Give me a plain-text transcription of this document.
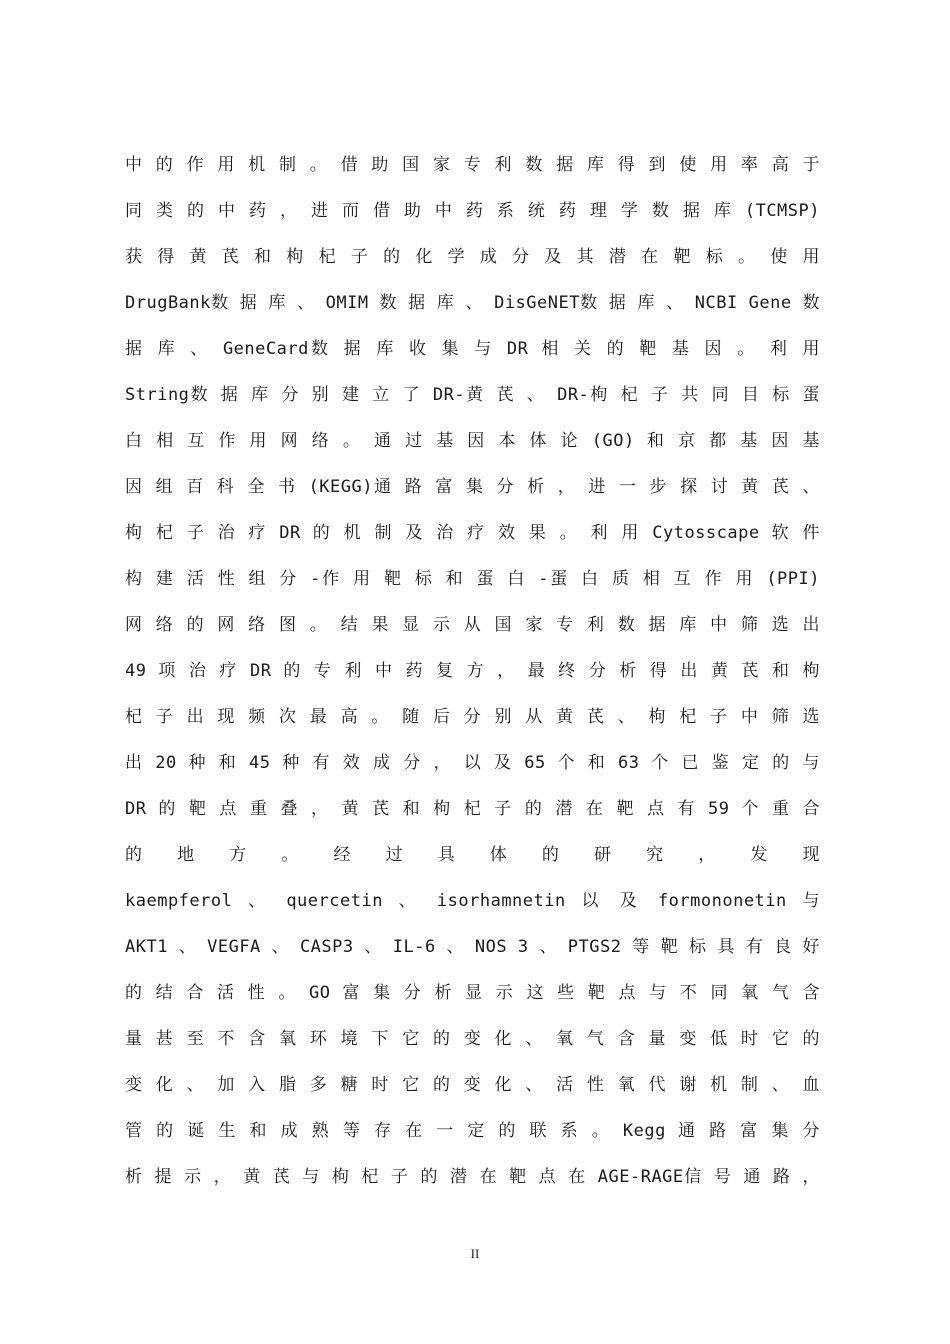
中 的 作 用 机 制 。 借 助 国 家 专 利 数 据 库 得 到 使 用 率 高 于
同 类 的 中 药 ， 进 而 借 助 中 药 系 统 药 理 学 数 据 库 (TCMSP)
获 得 黄 芪 和 枸 杞 子 的 化 学 成 分 及 其 潜 在 靶 标 。 使 用
DrugBank数 据 库 、 OMIM 数 据 库 、 DisGeNET数 据 库 、 NCBI Gene 数
据 库 、 GeneCard数 据 库 收 集 与 DR 相 关 的 靶 基 因 。 利 用
String数 据 库 分 别 建 立 了 DR-黄 芪 、 DR-枸 杞 子 共 同 目 标 蛋
白 相 互 作 用 网 络 。 通 过 基 因 本 体 论 (GO) 和 京 都 基 因 基
因 组 百 科 全 书 (KEGG)通 路 富 集 分 析 ， 进 一 步 探 讨 黄 芪 、
枸 杞 子 治 疗 DR 的 机 制 及 治 疗 效 果 。 利 用 Cytosscape 软 件
构 建 活 性 组 分 -作 用 靶 标 和 蛋 白 -蛋 白 质 相 互 作 用 (PPI)
网 络 的 网 络 图 。 结 果 显 示 从 国 家 专 利 数 据 库 中 筛 选 出
49 项 治 疗 DR 的 专 利 中 药 复 方 ， 最 终 分 析 得 出 黄 芪 和 枸
杞 子 出 现 频 次 最 高 。 随 后 分 别 从 黄 芪 、 枸 杞 子 中 筛 选
出 20 种 和 45 种 有 效 成 分 ， 以 及 65 个 和 63 个 已 鉴 定 的 与
DR 的 靶 点 重 叠 ， 黄 芪 和 枸 杞 子 的 潜 在 靶 点 有 59 个 重 合
的 地 方 。 经 过 具 体 的 研 究 ， 发 现
kaempferol 、 quercetin 、 isorhamnetin 以 及 formononetin 与
AKT1 、 VEGFA 、 CASP3 、 IL-6 、 NOS 3 、 PTGS2 等 靶 标 具 有 良 好
的 结 合 活 性 。 GO 富 集 分 析 显 示 这 些 靶 点 与 不 同 氧 气 含
量 甚 至 不 含 氧 环 境 下 它 的 变 化 、 氧 气 含 量 变 低 时 它 的
变 化 、 加 入 脂 多 糖 时 它 的 变 化 、 活 性 氧 代 谢 机 制 、 血
管 的 诞 生 和 成 熟 等 存 在 一 定 的 联 系 。 Kegg 通 路 富 集 分
析 提 示 ， 黄 芪 与 枸 杞 子 的 潜 在 靶 点 在 AGE-RAGE信 号 通 路 ，
II
